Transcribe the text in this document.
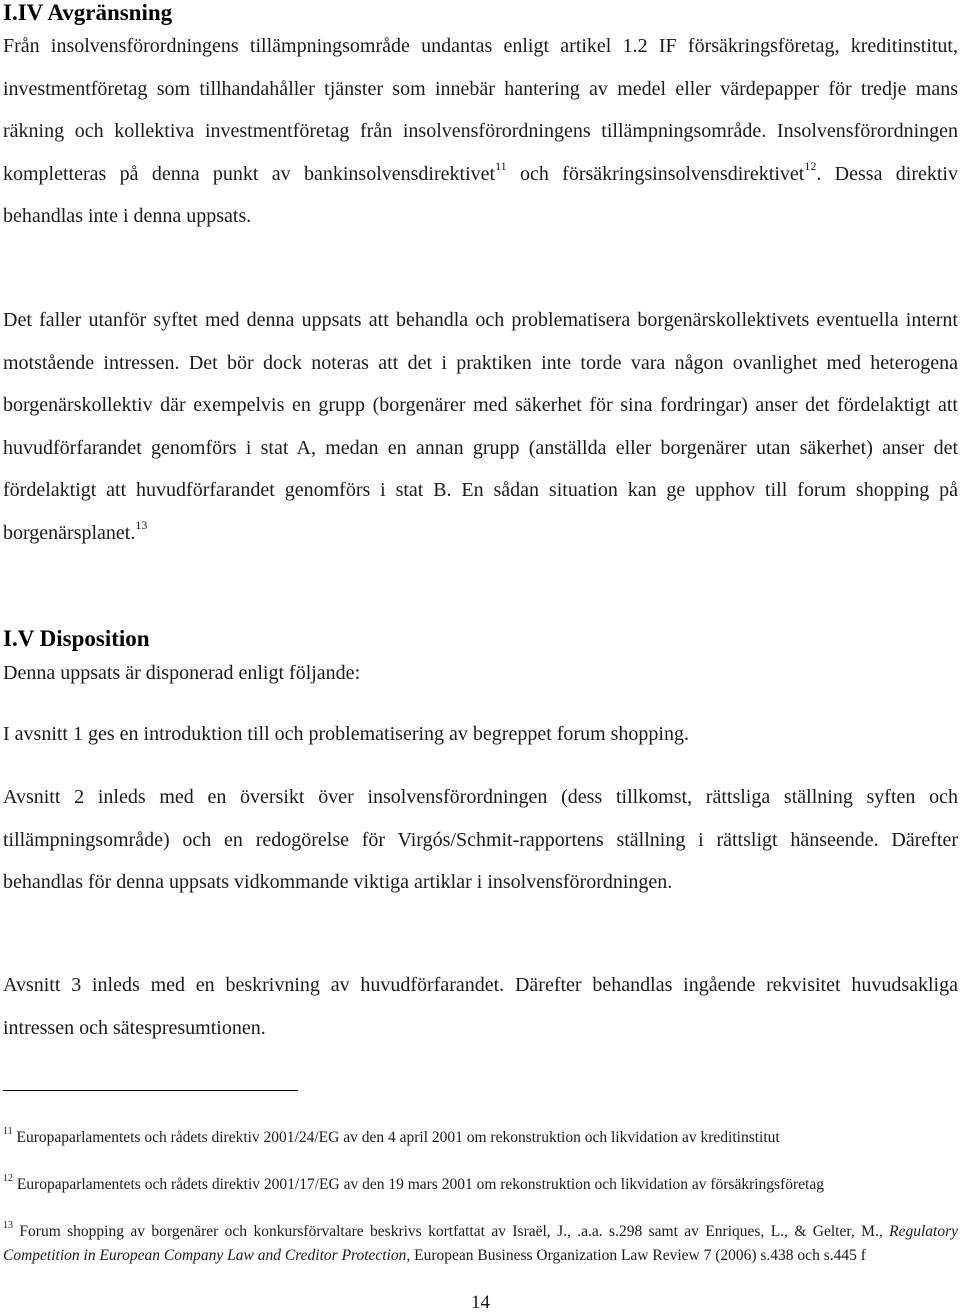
I.IV Avgränsning

Från insolvensförordningens tillämpningsområde undantas enligt artikel 1.2 IF försäkringsföretag, kreditinstitut, investmentföretag som tillhandahåller tjänster som innebär hantering av medel eller värdepapper för tredje mans räkning och kollektiva investmentföretag från insolvensförordningens tillämpningsområde. Insolvensförordningen kompletteras på denna punkt av bankinsolvensdirektivet$^{11}$ och försäkringsinsolvensdirektivet$^{12}$. Dessa direktiv behandlas inte i denna uppsats.

Det faller utanför syftet med denna uppsats att behandla och problematisera borgenärskollektivets eventuella internt motstående intressen. Det bör dock noteras att det i praktiken inte torde vara någon ovanlighet med heterogena borgenärskollektiv där exempelvis en grupp (borgenärer med säkerhet för sina fordringar) anser det fördelaktigt att huvudförfarandet genomförs i stat A, medan en annan grupp (anställda eller borgenärer utan säkerhet) anser det fördelaktigt att huvudförfarandet genomförs i stat B. En sådan situation kan ge upphov till forum shopping på borgenärsplanet.$^{13}$

I.V Disposition

Denna uppsats är disponerad enligt följande:

I avsnitt 1 ges en introduktion till och problematisering av begreppet forum shopping.

Avsnitt 2 inleds med en översikt över insolvensförordningen (dess tillkomst, rättsliga ställning syften och tillämpningsområde) och en redogörelse för Virgós/Schmit-rapportens ställning i rättsligt hänseende. Därefter behandlas för denna uppsats vidkommande viktiga artiklar i insolvensförordningen.

Avsnitt 3 inleds med en beskrivning av huvudförfarandet. Därefter behandlas ingående rekvisitet huvudsakliga intressen och sätespresumtionen.

$^{11}$ Europaparlamentets och rådets direktiv 2001/24/EG av den 4 april 2001 om rekonstruktion och likvidation av kreditinstitut

$^{12}$ Europaparlamentets och rådets direktiv 2001/17/EG av den 19 mars 2001 om rekonstruktion och likvidation av försäkringsföretag

$^{13}$ Forum shopping av borgenärer och konkursförvaltare beskrivs kortfattat av Israël, J., .a.a. s.298 samt av Enriques, L., & Gelter, M., Regulatory Competition in European Company Law and Creditor Protection, European Business Organization Law Review 7 (2006) s.438 och s.445 f

14
